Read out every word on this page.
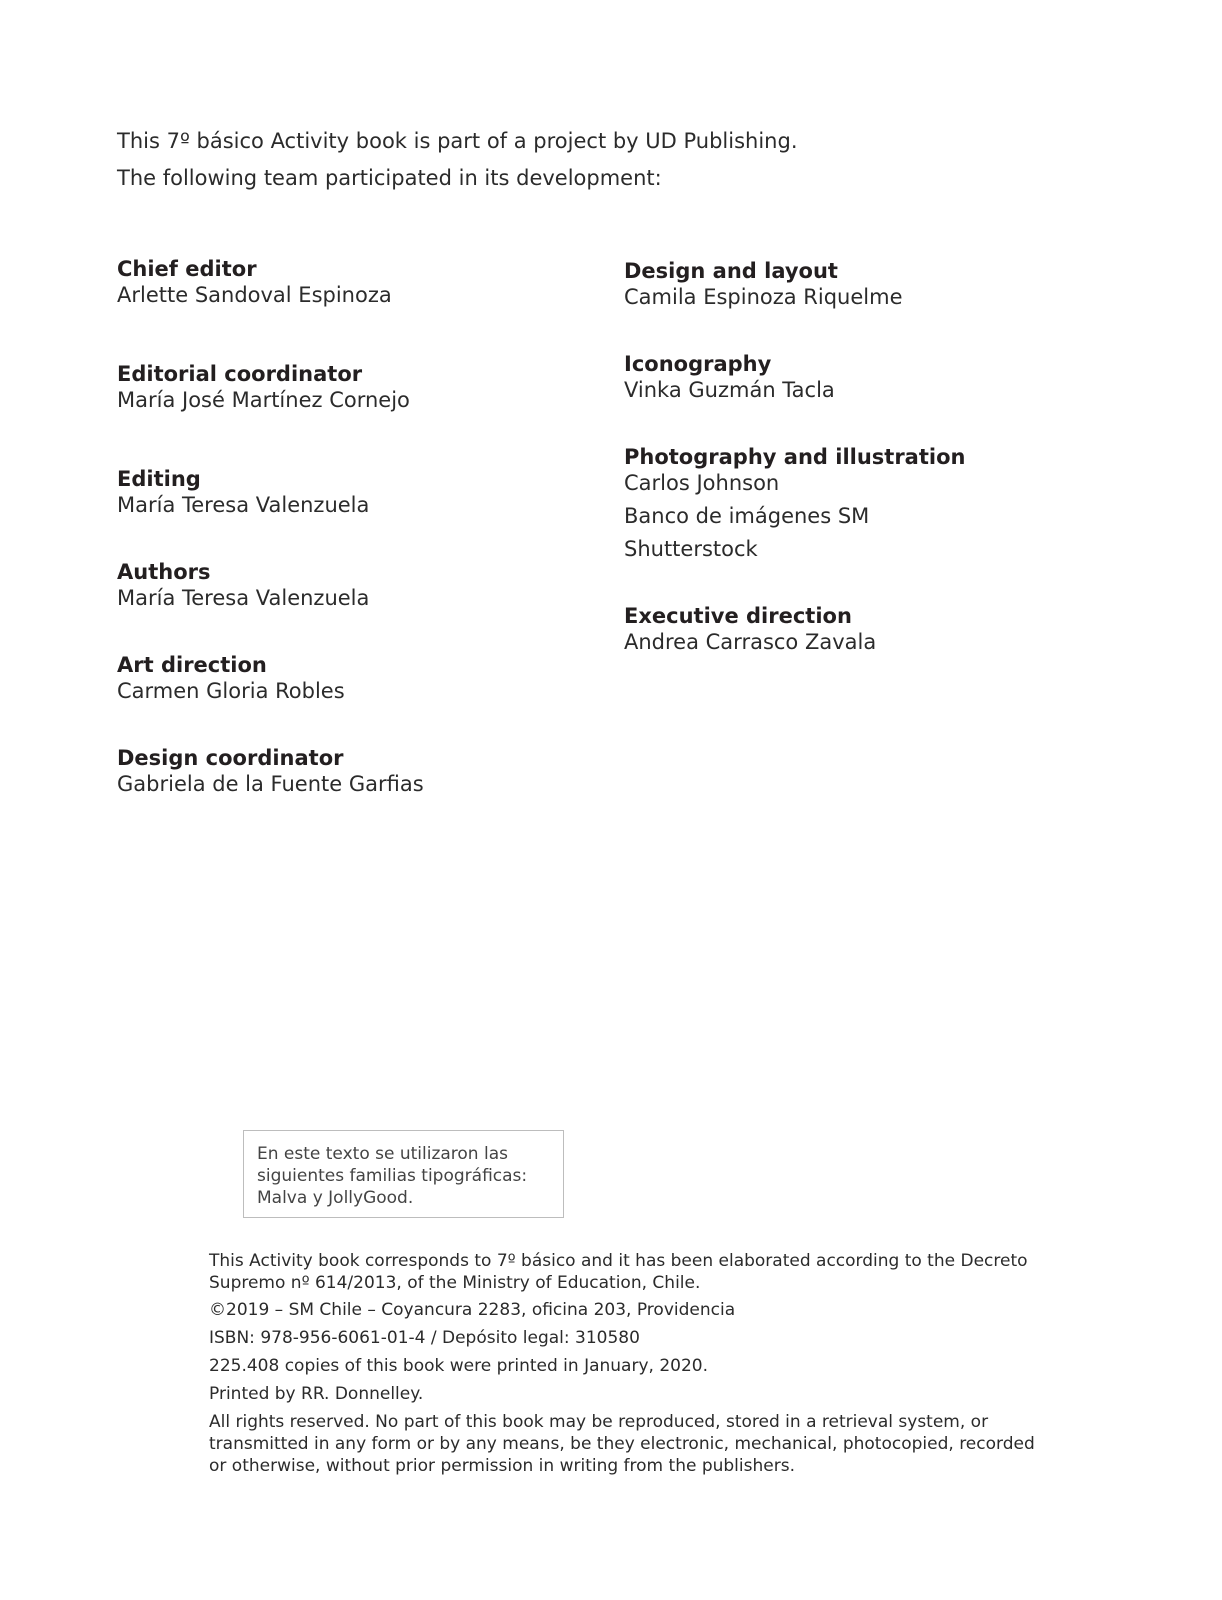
This 7º básico Activity book is part of a project by UD Publishing.

The following team participated in its development:

Chief editor

Arlette Sandoval Espinoza

Editorial coordinator

María José Martínez Cornejo

Editing

María Teresa Valenzuela

Authors

María Teresa Valenzuela

Art direction

Carmen Gloria Robles

Design coordinator

Gabriela de la Fuente Garfias

Design and layout

Camila Espinoza Riquelme

Iconography

Vinka Guzmán Tacla

Photography and illustration

Carlos Johnson

Banco de imágenes SM

Shutterstock

Executive direction

Andrea Carrasco Zavala

En este texto se utilizaron las siguientes familias tipográficas: Malva y JollyGood.

This Activity book corresponds to 7º básico and it has been elaborated according to the Decreto Supremo nº 614/2013, of the Ministry of Education, Chile.

©2019 – SM Chile – Coyancura 2283, oficina 203, Providencia

ISBN: 978-956-6061-01-4 / Depósito legal: 310580

225.408 copies of this book were printed in January, 2020.

Printed by RR. Donnelley.

All rights reserved. No part of this book may be reproduced, stored in a retrieval system, or transmitted in any form or by any means, be they electronic, mechanical, photocopied, recorded or otherwise, without prior permission in writing from the publishers.
